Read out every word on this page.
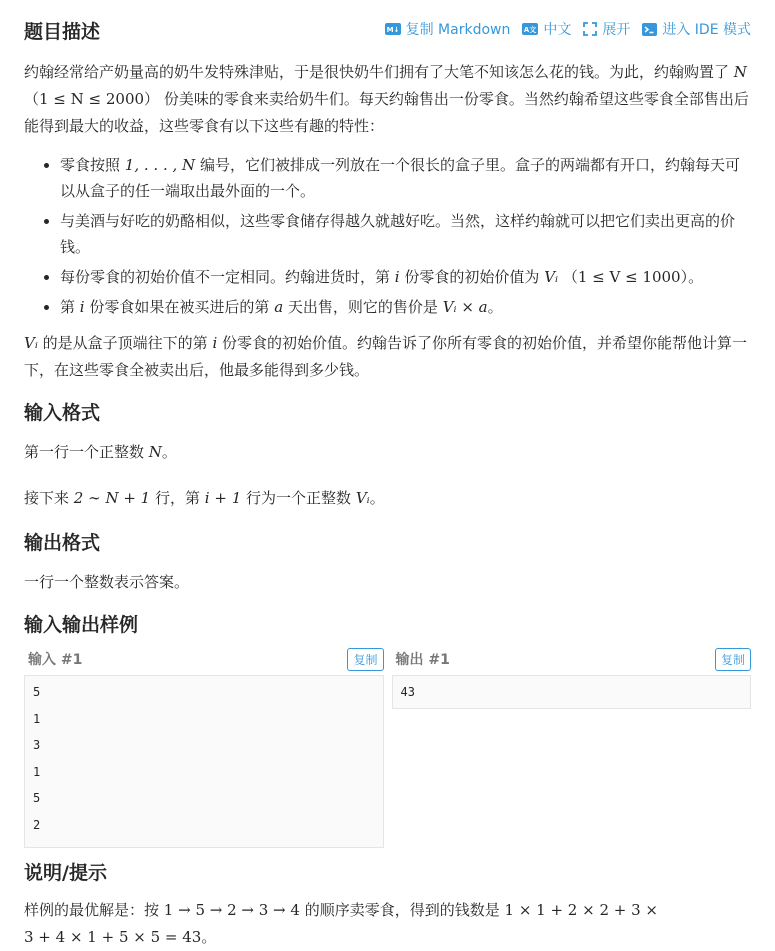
题目描述	M↓ 复制 Markdown A文 中文 展开 进入 IDE 模式

约翰经常给产奶量高的奶牛发特殊津贴，于是很快奶牛们拥有了大笔不知该怎么花的钱。为此，约翰购置了 N （1 ≤ N ≤ 2000） 份美味的零食来卖给奶牛们。每天约翰售出一份零食。当然约翰希望这些零食全部售出后能得到最大的收益，这些零食有以下这些有趣的特性：

• 零食按照 1, . . . , N 编号，它们被排成一列放在一个很长的盒子里。盒子的两端都有开口，约翰每天可以从盒子的任一端取出最外面的一个。
• 与美酒与好吃的奶酪相似，这些零食储存得越久就越好吃。当然，这样约翰就可以把它们卖出更高的价钱。
• 每份零食的初始价值不一定相同。约翰进货时，第 i 份零食的初始价值为 Vᵢ （1 ≤ V ≤ 1000）。
• 第 i 份零食如果在被买进后的第 a 天出售，则它的售价是 Vᵢ × a。

Vᵢ 的是从盒子顶端往下的第 i 份零食的初始价值。约翰告诉了你所有零食的初始价值，并希望你能帮他计算一下，在这些零食全被卖出后，他最多能得到多少钱。

输入格式

第一行一个正整数 N。

接下来 2 ∼ N + 1 行，第 i + 1 行为一个正整数 Vᵢ。

输出格式

一行一个整数表示答案。

输入输出样例
输入 #1	复制
5
1
3
1
5
2
输出 #1	复制
43
说明/提示

样例的最优解是：按 1 → 5 → 2 → 3 → 4 的顺序卖零食，得到的钱数是 1 × 1 + 2 × 2 + 3 ×
3 + 4 × 1 + 5 × 5 = 43。
